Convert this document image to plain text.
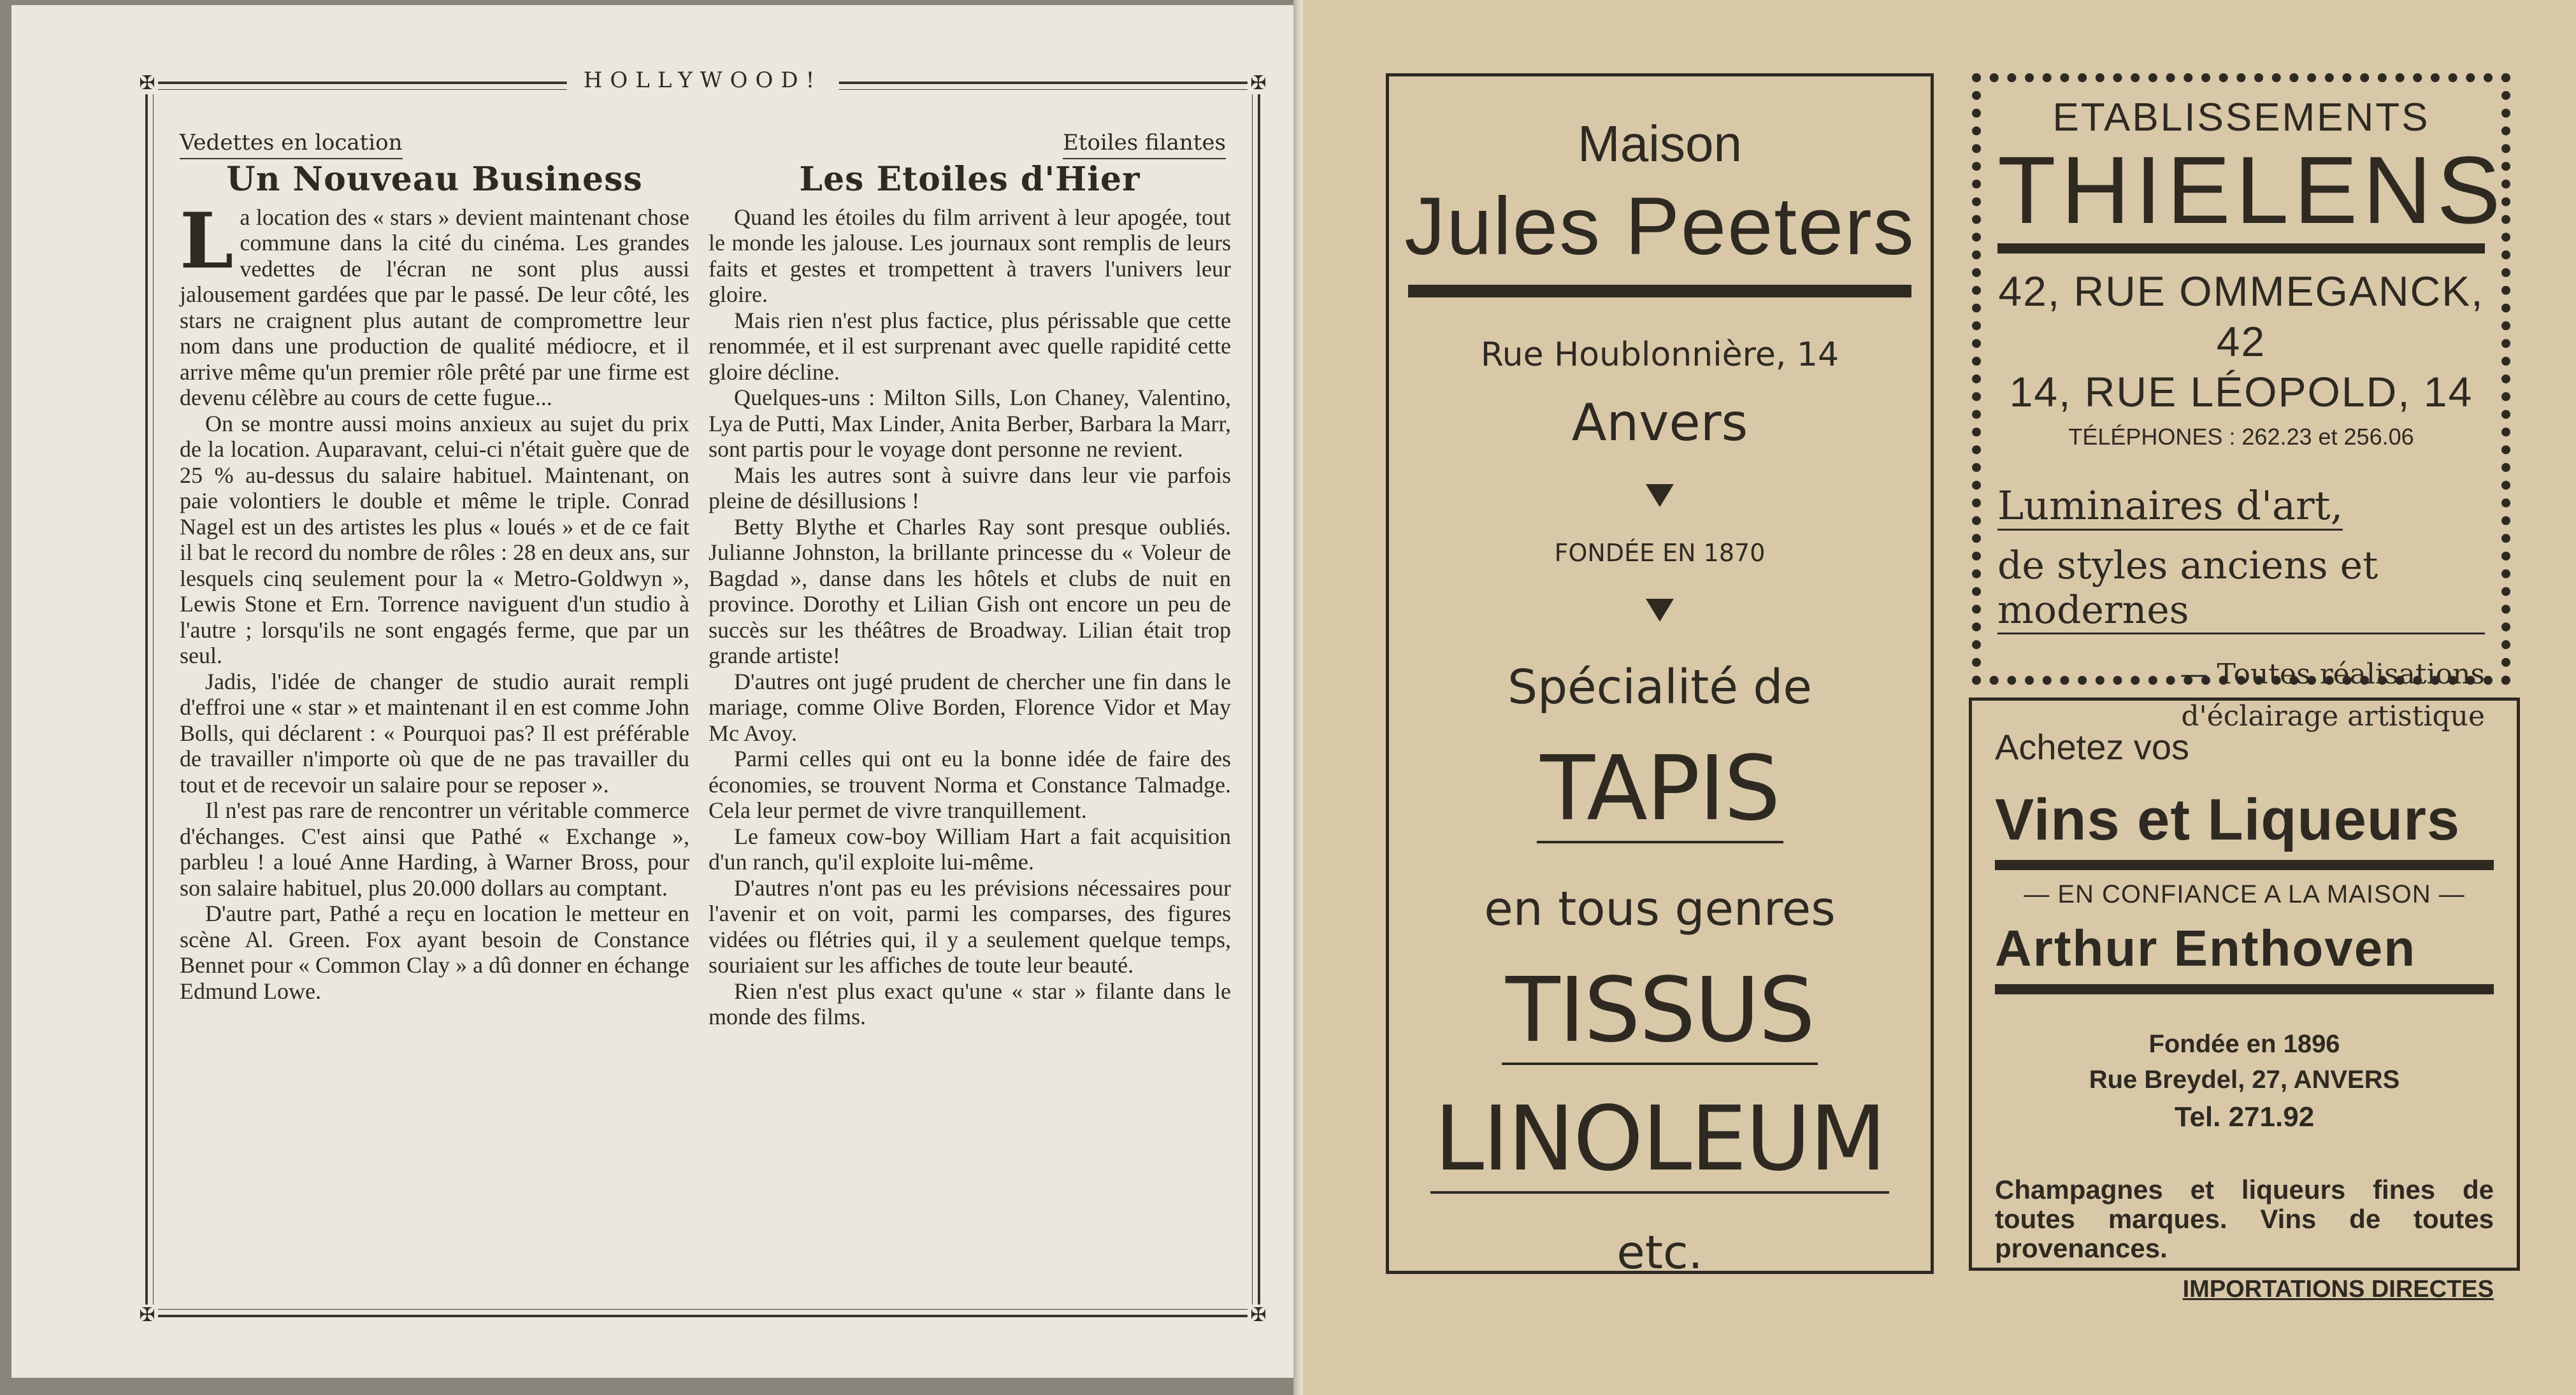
✠	✠
✠	✠
HOLLYWOOD!
Vedettes en location	Etoiles filantes
Un Nouveau Business

La location des « stars » devient maintenant chose commune dans la cité du cinéma. Les grandes vedettes de l'écran ne sont plus aussi jalousement gardées que par le passé. De leur côté, les stars ne craignent plus autant de compromettre leur nom dans une production de qualité médiocre, et il arrive même qu'un premier rôle prêté par une firme est devenu célèbre au cours de cette fugue...

On se montre aussi moins anxieux au sujet du prix de la location. Auparavant, celui-ci n'était guère que de 25 % au-dessus du salaire habituel. Maintenant, on paie volontiers le double et même le triple. Conrad Nagel est un des artistes les plus « loués » et de ce fait il bat le record du nombre de rôles : 28 en deux ans, sur lesquels cinq seulement pour la « Metro-Goldwyn », Lewis Stone et Ern. Torrence naviguent d'un studio à l'autre ; lorsqu'ils ne sont engagés ferme, que par un seul.

Jadis, l'idée de changer de studio aurait rempli d'effroi une « star » et maintenant il en est comme John Bolls, qui déclarent : « Pourquoi pas? Il est préférable de travailler n'importe où que de ne pas travailler du tout et de recevoir un salaire pour se reposer ».

Il n'est pas rare de rencontrer un véritable commerce d'échanges. C'est ainsi que Pathé « Exchange », parbleu ! a loué Anne Harding, à Warner Bross, pour son salaire habituel, plus 20.000 dollars au comptant.

D'autre part, Pathé a reçu en location le metteur en scène Al. Green. Fox ayant besoin de Constance Bennet pour « Common Clay » a dû donner en échange Edmund Lowe.

Les Etoiles d'Hier

Quand les étoiles du film arrivent à leur apogée, tout le monde les jalouse. Les journaux sont remplis de leurs faits et gestes et trompettent à travers l'univers leur gloire.

Mais rien n'est plus factice, plus périssable que cette renommée, et il est surprenant avec quelle rapidité cette gloire décline.

Quelques-uns : Milton Sills, Lon Chaney, Valentino, Lya de Putti, Max Linder, Anita Berber, Barbara la Marr, sont partis pour le voyage dont personne ne revient.

Mais les autres sont à suivre dans leur vie parfois pleine de désillusions !

Betty Blythe et Charles Ray sont presque oubliés. Julianne Johnston, la brillante princesse du « Voleur de Bagdad », danse dans les hôtels et clubs de nuit en province. Dorothy et Lilian Gish ont encore un peu de succès sur les théâtres de Broadway. Lilian était trop grande artiste!

D'autres ont jugé prudent de chercher une fin dans le mariage, comme Olive Borden, Florence Vidor et May Mc Avoy.

Parmi celles qui ont eu la bonne idée de faire des économies, se trouvent Norma et Constance Talmadge. Cela leur permet de vivre tranquillement.

Le fameux cow-boy William Hart a fait acquisition d'un ranch, qu'il exploite lui-même.

D'autres n'ont pas eu les prévisions nécessaires pour l'avenir et on voit, parmi les comparses, des figures vidées ou flétries qui, il y a seulement quelque temps, souriaient sur les affiches de toute leur beauté.

Rien n'est plus exact qu'une « star » filante dans le monde des films.

Maison
Jules Peeters
Rue Houblonnière, 14
Anvers
FONDÉE EN 1870
Spécialité de
TAPIS
en tous genres
TISSUS
LINOLEUM
etc.
ETABLISSEMENTS
THIELENS
42, RUE OMMEGANCK, 42
14, RUE LÉOPOLD, 14
TÉLÉPHONES : 262.23 et 256.06
Luminaires d'art,
de styles anciens et modernes
— Toutes réalisations
d'éclairage artistique
Achetez vos
Vins et Liqueurs
— EN CONFIANCE A LA MAISON —
Arthur Enthoven
Fondée en 1896
Rue Breydel, 27, ANVERS
Tel. 271.92
Champagnes et liqueurs fines de toutes marques. Vins de toutes provenances.
IMPORTATIONS DIRECTES
